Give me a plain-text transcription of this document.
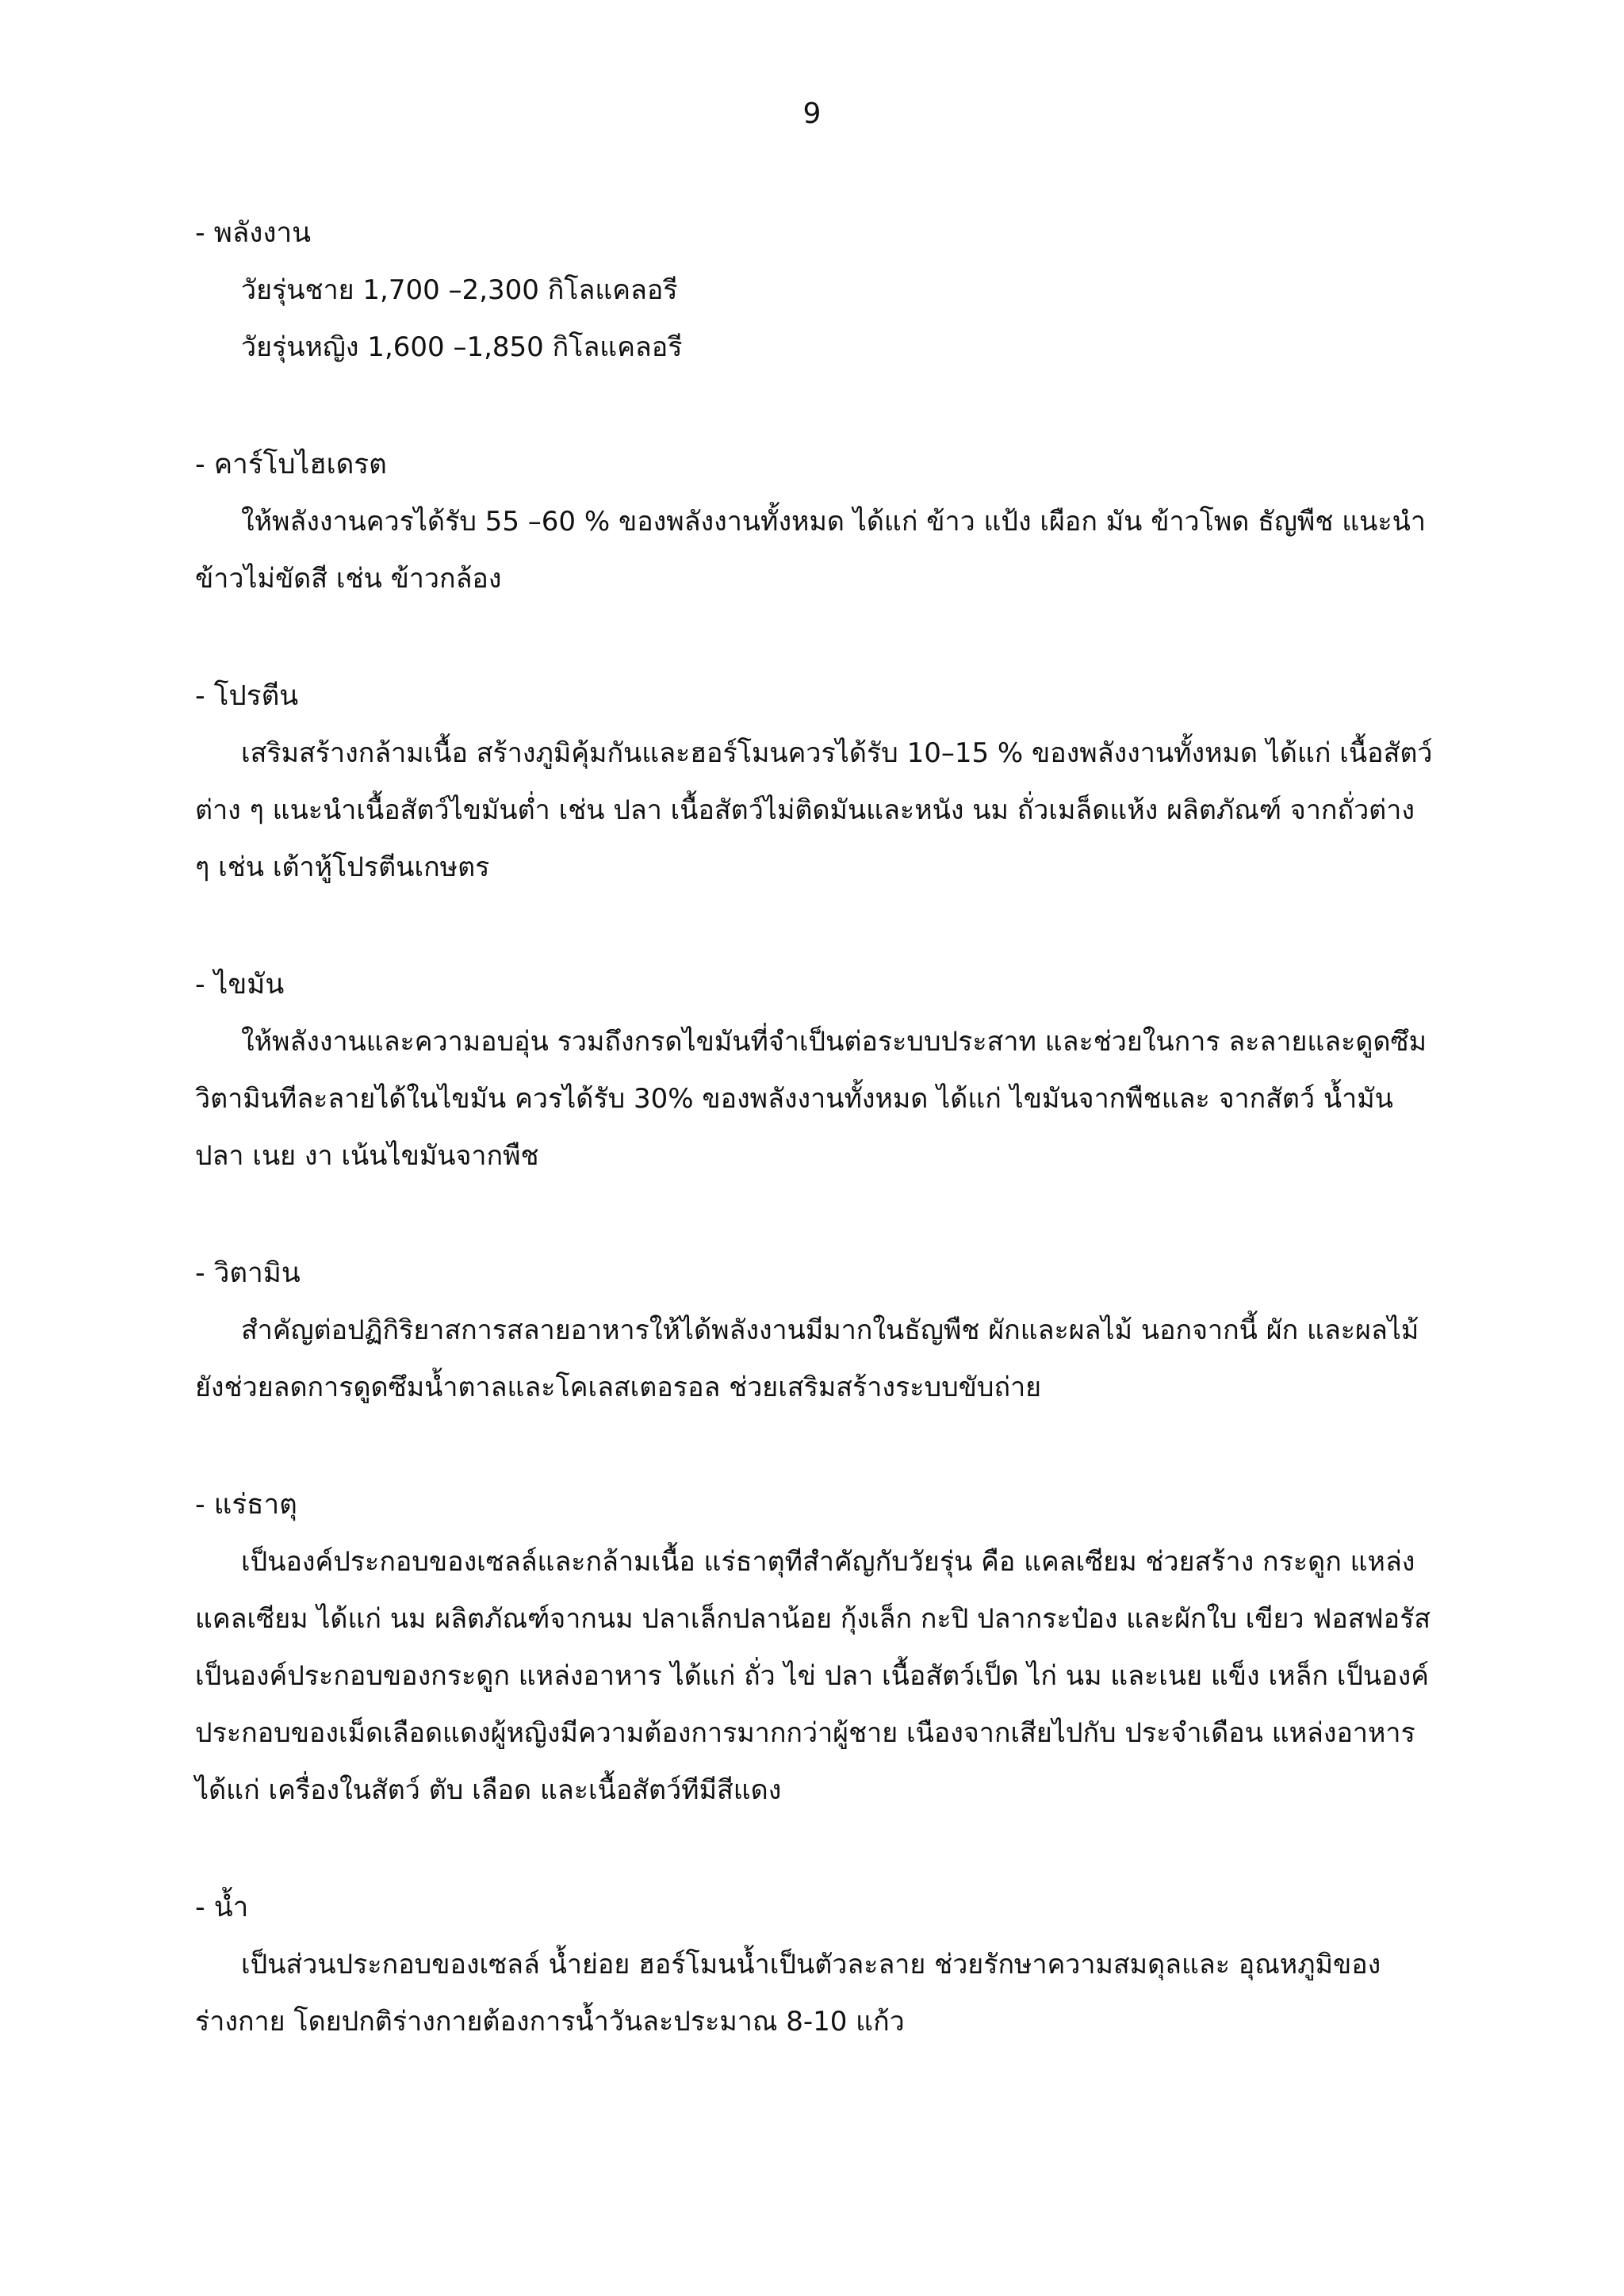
9
- พลังงาน
วัยรุ่นชาย 1,700 –2,300 กิโลแคลอรี
วัยรุ่นหญิง 1,600 –1,850 กิโลแคลอรี
- คาร์โบไฮเดรต

ให้พลังงานควรได้รับ 55 –60 % ของพลังงานทั้งหมด ได้แก่ ข้าว แป้ง เผือก มัน ข้าวโพด ธัญพืช แนะนำข้าวไม่ขัดสี เช่น ข้าวกล้อง

- โปรตีน

เสริมสร้างกล้ามเนื้อ สร้างภูมิคุ้มกันและฮอร์โมนควรได้รับ 10–15 % ของพลังงานทั้งหมด ได้แก่ เนื้อสัตว์ต่าง ๆ แนะนำเนื้อสัตว์ไขมันต่ำ เช่น ปลา เนื้อสัตว์ไม่ติดมันและหนัง นม ถั่วเมล็ดแห้ง ผลิตภัณฑ์ จากถั่วต่าง ๆ เช่น เต้าหู้โปรตีนเกษตร

- ไขมัน

ให้พลังงานและความอบอุ่น รวมถึงกรดไขมันที่จำเป็นต่อระบบประสาท และช่วยในการ ละลายและดูดซึมวิตามินทีละลายได้ในไขมัน ควรได้รับ 30% ของพลังงานทั้งหมด ได้แก่ ไขมันจากพืชและ จากสัตว์ น้ำมันปลา เนย งา เน้นไขมันจากพืช

- วิตามิน

สำคัญต่อปฏิกิริยาสการสลายอาหารให้ได้พลังงานมีมากในธัญพืช ผักและผลไม้ นอกจากนี้ ผัก และผลไม้ยังช่วยลดการดูดซึมน้ำตาลและโคเลสเตอรอล ช่วยเสริมสร้างระบบขับถ่าย

- แร่ธาตุ

เป็นองค์ประกอบของเซลล์และกล้ามเนื้อ แร่ธาตุทีสำคัญกับวัยรุ่น คือ แคลเซียม ช่วยสร้าง กระดูก แหล่งแคลเซียม ได้แก่ นม ผลิตภัณฑ์จากนม ปลาเล็กปลาน้อย กุ้งเล็ก กะปิ ปลากระป๋อง และผักใบ เขียว ฟอสฟอรัส เป็นองค์ประกอบของกระดูก แหล่งอาหาร ได้แก่ ถั่ว ไข่ ปลา เนื้อสัตว์เป็ด ไก่ นม และเนย แข็ง เหล็ก เป็นองค์ประกอบของเม็ดเลือดแดงผู้หญิงมีความต้องการมากกว่าผู้ชาย เนืองจากเสียไปกับ ประจำเดือน แหล่งอาหาร ได้แก่ เครื่องในสัตว์ ตับ เลือด และเนื้อสัตว์ทีมีสีแดง

- น้ำ

เป็นส่วนประกอบของเซลล์ น้ำย่อย ฮอร์โมนน้ำเป็นตัวละลาย ช่วยรักษาความสมดุลและ อุณหภูมิของร่างกาย โดยปกติร่างกายต้องการน้ำวันละประมาณ 8-10 แก้ว
